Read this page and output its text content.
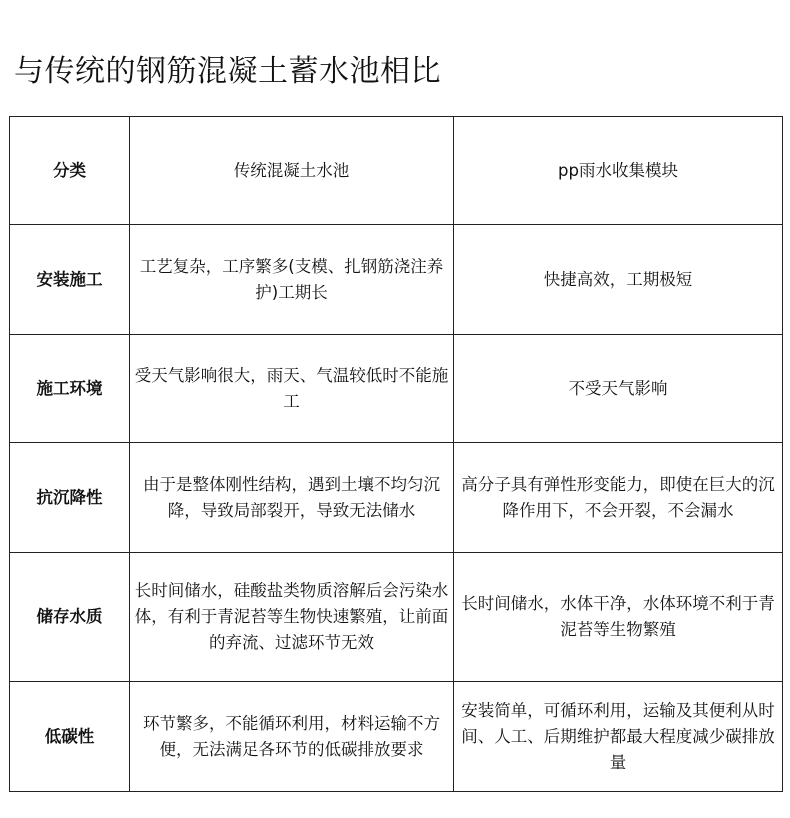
与传统的钢筋混凝土蓄水池相比
分类	传统混凝土水池	pp雨水收集模块
安装施工	工艺复杂，工序繁多(支模、扎钢筋浇注养护)工期长	快捷高效，工期极短
施工环境	受天气影响很大，雨天、气温较低时不能施工	不受天气影响
抗沉降性	由于是整体刚性结构，遇到土壤不均匀沉降，导致局部裂开，导致无法储水	高分子具有弹性形变能力，即使在巨大的沉降作用下，不会开裂，不会漏水
储存水质	长时间储水，硅酸盐类物质溶解后会污染水体，有利于青泥苔等生物快速繁殖，让前面的弃流、过滤环节无效	长时间储水，水体干净，水体环境不利于青泥苔等生物繁殖
低碳性	环节繁多，不能循环利用，材料运输不方便，无法满足各环节的低碳排放要求	安装简单，可循环利用，运输及其便利从时间、人工、后期维护都最大程度减少碳排放量
